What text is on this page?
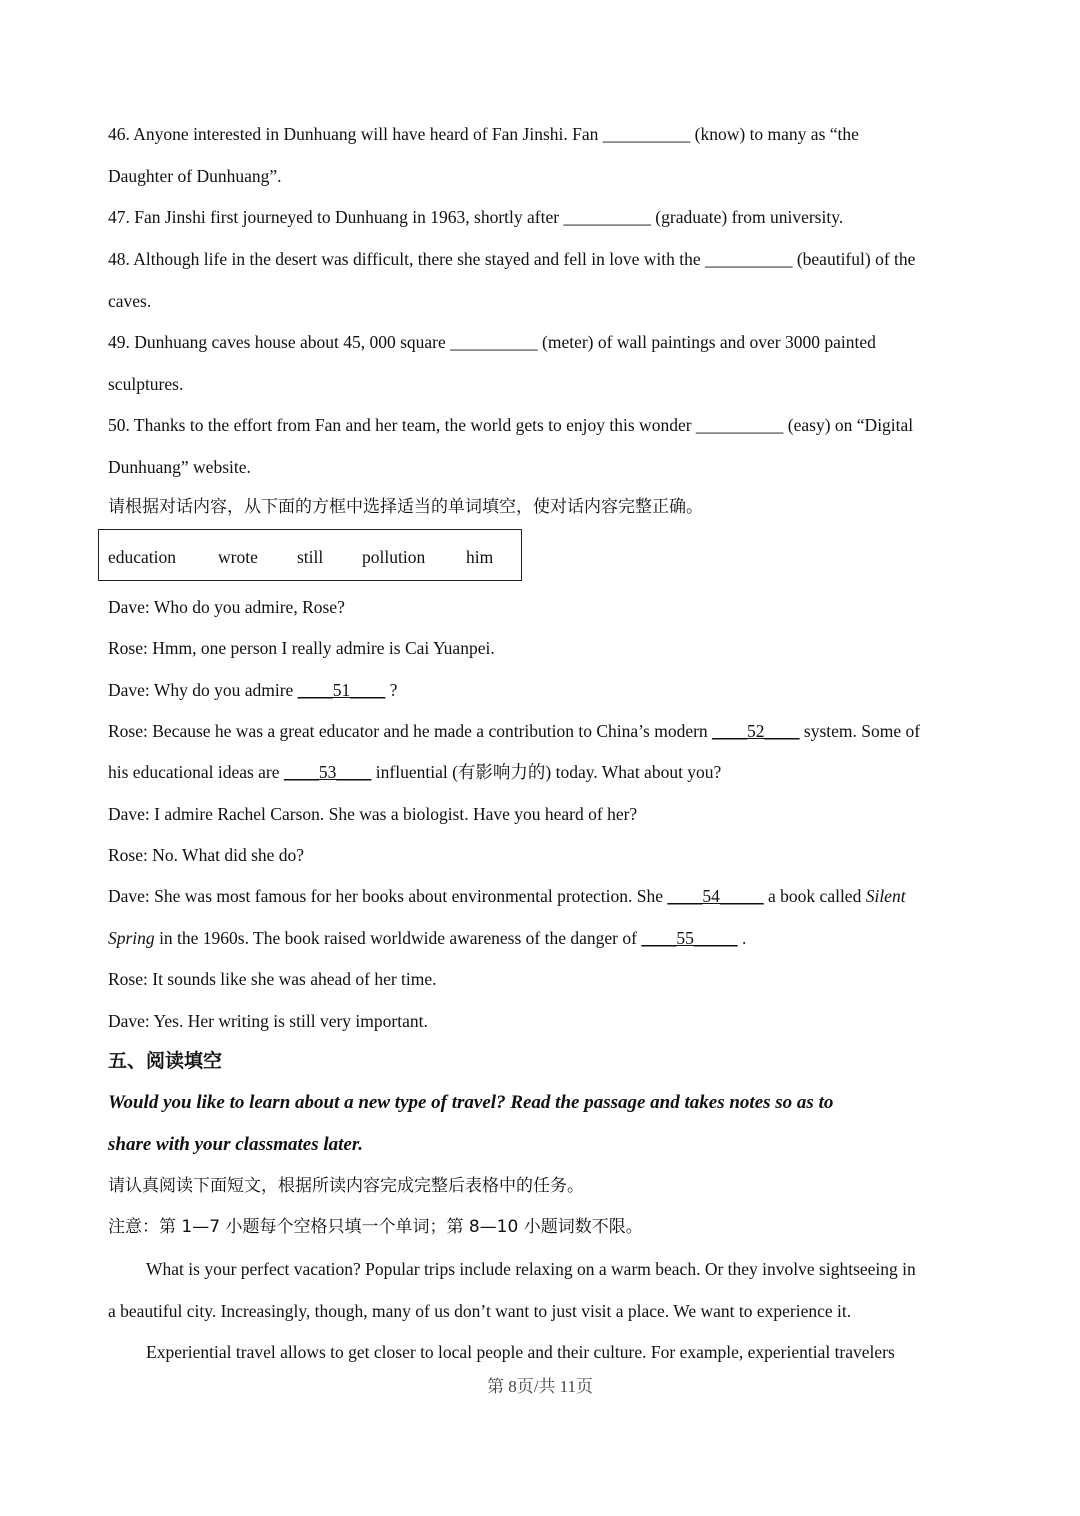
46. Anyone interested in Dunhuang will have heard of Fan Jinshi. Fan __________ (know) to many as “the
Daughter of Dunhuang”.
47. Fan Jinshi first journeyed to Dunhuang in 1963, shortly after __________ (graduate) from university.
48. Although life in the desert was difficult, there she stayed and fell in love with the __________ (beautiful) of the
caves.
49. Dunhuang caves house about 45, 000 square __________ (meter) of wall paintings and over 3000 painted
sculptures.
50. Thanks to the effort from Fan and her team, the world gets to enjoy this wonder __________ (easy) on “Digital
Dunhuang” website.
请根据对话内容，从下面的方框中选择适当的单词填空，使对话内容完整正确。
education wrote still pollution him
Dave: Who do you admire, Rose?
Rose: Hmm, one person I really admire is Cai Yuanpei.
Dave: Why do you admire ____51____ ?
Rose: Because he was a great educator and he made a contribution to China’s modern ____52____ system. Some of
his educational ideas are ____53____ influential (有影响力的) today. What about you?
Dave: I admire Rachel Carson. She was a biologist. Have you heard of her?
Rose: No. What did she do?
Dave: She was most famous for her books about environmental protection. She ____54_____ a book called Silent
Spring in the 1960s. The book raised worldwide awareness of the danger of ____55_____ .
Rose: It sounds like she was ahead of her time.
Dave: Yes. Her writing is still very important.
五、阅读填空
Would you like to learn about a new type of travel? Read the passage and takes notes so as to
share with your classmates later.
请认真阅读下面短文，根据所读内容完成完整后表格中的任务。
注意：第 1—7 小题每个空格只填一个单词；第 8—10 小题词数不限。
What is your perfect vacation? Popular trips include relaxing on a warm beach. Or they involve sightseeing in
a beautiful city. Increasingly, though, many of us don’t want to just visit a place. We want to experience it.
Experiential travel allows to get closer to local people and their culture. For example, experiential travelers
第 8页/共 11页
